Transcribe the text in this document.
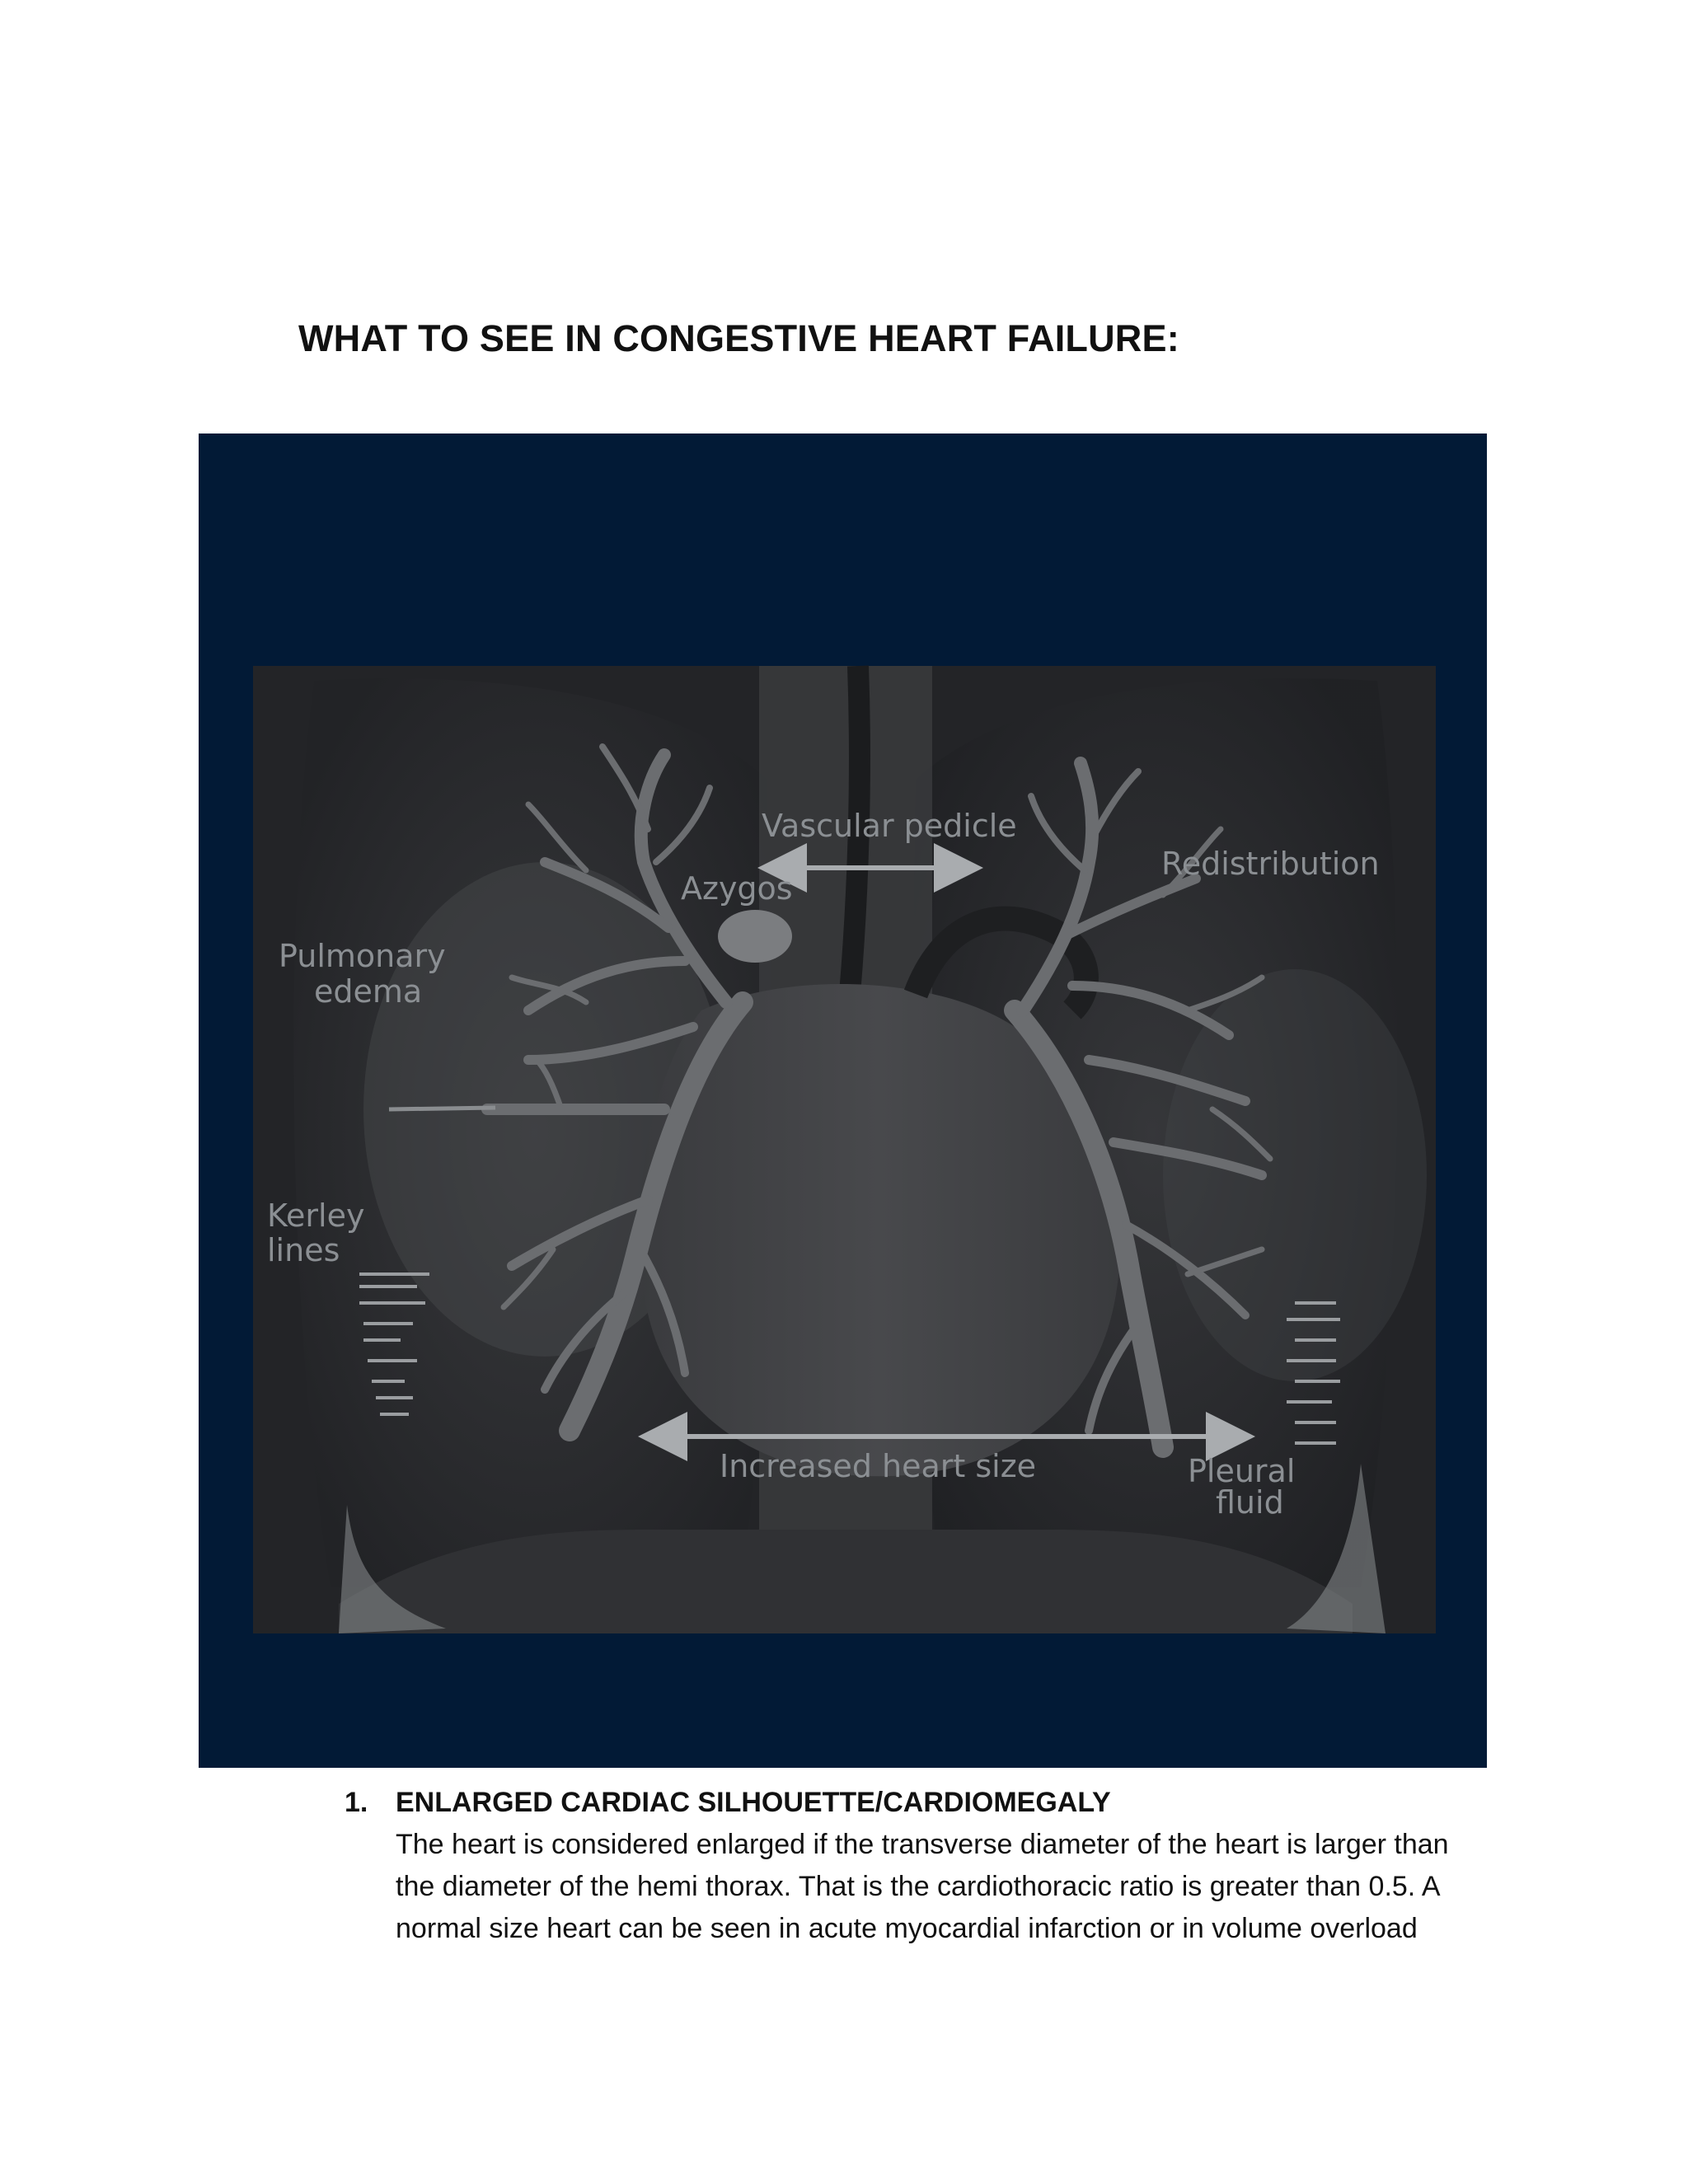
WHAT TO SEE IN CONGESTIVE HEART FAILURE:
Vascular pedicle
Azygos
Redistribution
Pulmonary
edema
Kerley
lines
Increased heart size	Pleural
fluid
1. ENLARGED CARDIAC SILHOUETTE/CARDIOMEGALY
The heart is considered enlarged if the transverse diameter of the heart is larger than
the diameter of the hemi thorax. That is the cardiothoracic ratio is greater than 0.5. A
normal size heart can be seen in acute myocardial infarction or in volume overload
